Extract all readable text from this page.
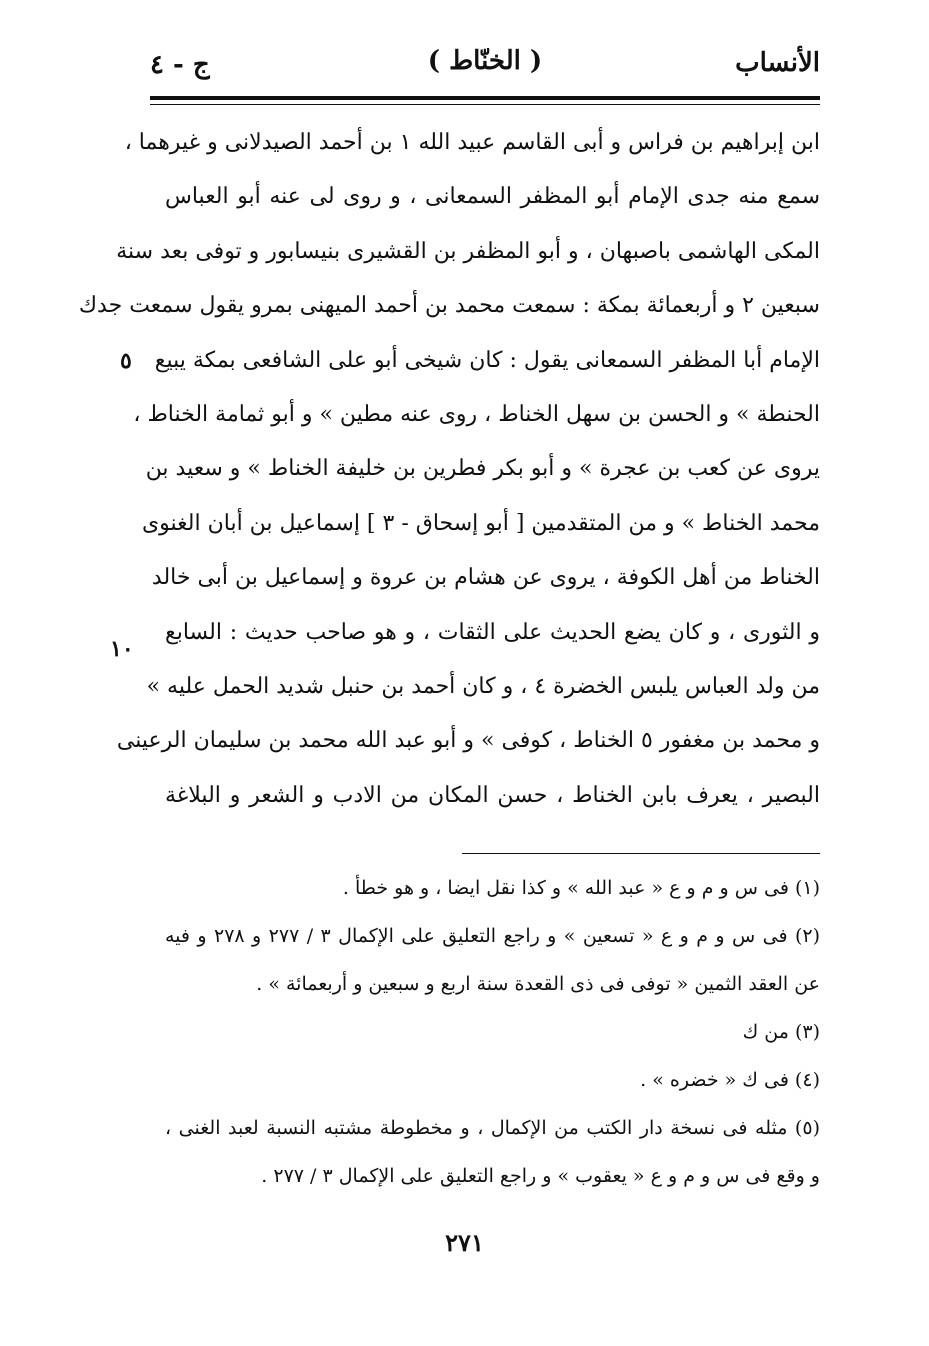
الأنساب
( الخنّاط )
ج - ٤
ابن إبراهيم بن فراس و أبى القاسم عبيد الله ١ بن أحمد الصيدلانى و غيرهما ،
سمع منه جدى الإمام أبو المظفر السمعانى ، و روى لى عنه أبو العباس
المكى الهاشمى باصبهان ، و أبو المظفر بن القشيرى بنيسابور و توفى بعد سنة
سبعين ٢ و أربعمائة بمكة : سمعت محمد بن أحمد الميهنى بمرو يقول سمعت جدك
الإمام أبا المظفر السمعانى يقول : كان شيخى أبو على الشافعى بمكة يبيع
الحنطة » و الحسن بن سهل الخناط ، روى عنه مطين » و أبو ثمامة الخناط ،
يروى عن كعب بن عجرة » و أبو بكر فطرين بن خليفة الخناط » و سعيد بن
محمد الخناط » و من المتقدمين [ أبو إسحاق - ٣ ] إسماعيل بن أبان الغنوى
الخناط من أهل الكوفة ، يروى عن هشام بن عروة و إسماعيل بن أبى خالد
و الثورى ، و كان يضع الحديث على الثقات ، و هو صاحب حديث : السابع
من ولد العباس يلبس الخضرة ٤ ، و كان أحمد بن حنبل شديد الحمل عليه »
و محمد بن مغفور ٥ الخناط ، كوفى » و أبو عبد الله محمد بن سليمان الرعينى
البصير ، يعرف بابن الخناط ، حسن المكان من الادب و الشعر و البلاغة
٥
١٠
(١) فى س و م و ع « عبد الله » و كذا نقل ايضا ، و هو خطأ .
(٢) فى س و م و ع « تسعين » و راجع التعليق على الإكمال ٣ / ٢٧٧ و ٢٧٨ و فيه
عن العقد الثمين « توفى فى ذى القعدة سنة اربع و سبعين و أربعمائة » .
(٣) من ك
(٤) فى ك « خضره » .
(٥) مثله فى نسخة دار الكتب من الإكمال ، و مخطوطة مشتبه النسبة لعبد الغنى ،
و وقع فى س و م و ع « يعقوب » و راجع التعليق على الإكمال ٣ / ٢٧٧ .
٢٧١
